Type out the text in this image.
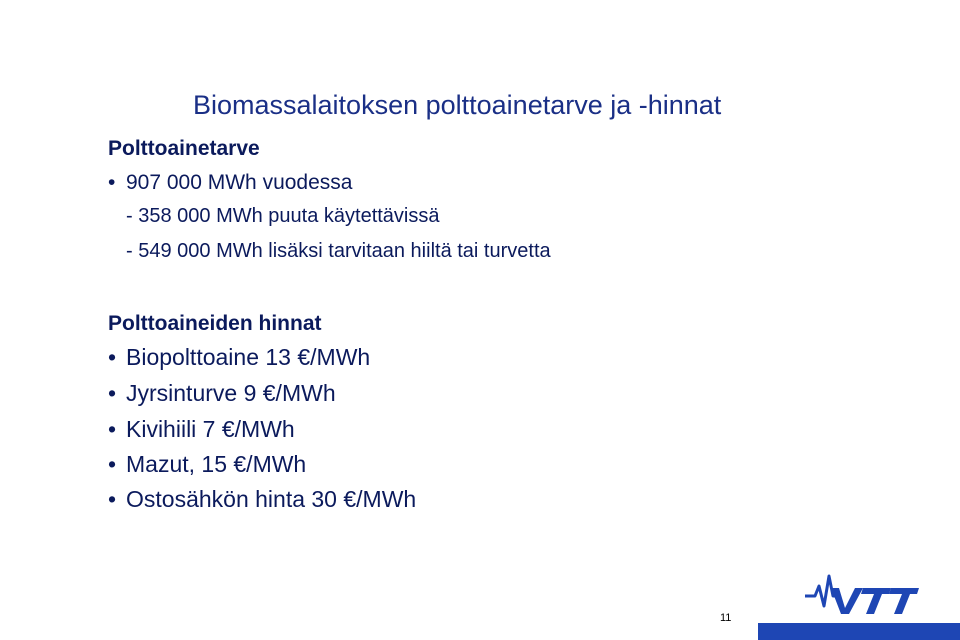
Biomassalaitoksen polttoainetarve ja -hinnat
Polttoainetarve
• 907 000 MWh vuodessa
- 358 000 MWh puuta käytettävissä
- 549 000 MWh lisäksi tarvitaan hiiltä tai turvetta
Polttoaineiden hinnat
• Biopolttoaine 13 €/MWh
• Jyrsinturve 9 €/MWh
• Kivihiili 7 €/MWh
• Mazut, 15 €/MWh
• Ostosähkön hinta 30 €/MWh
11
